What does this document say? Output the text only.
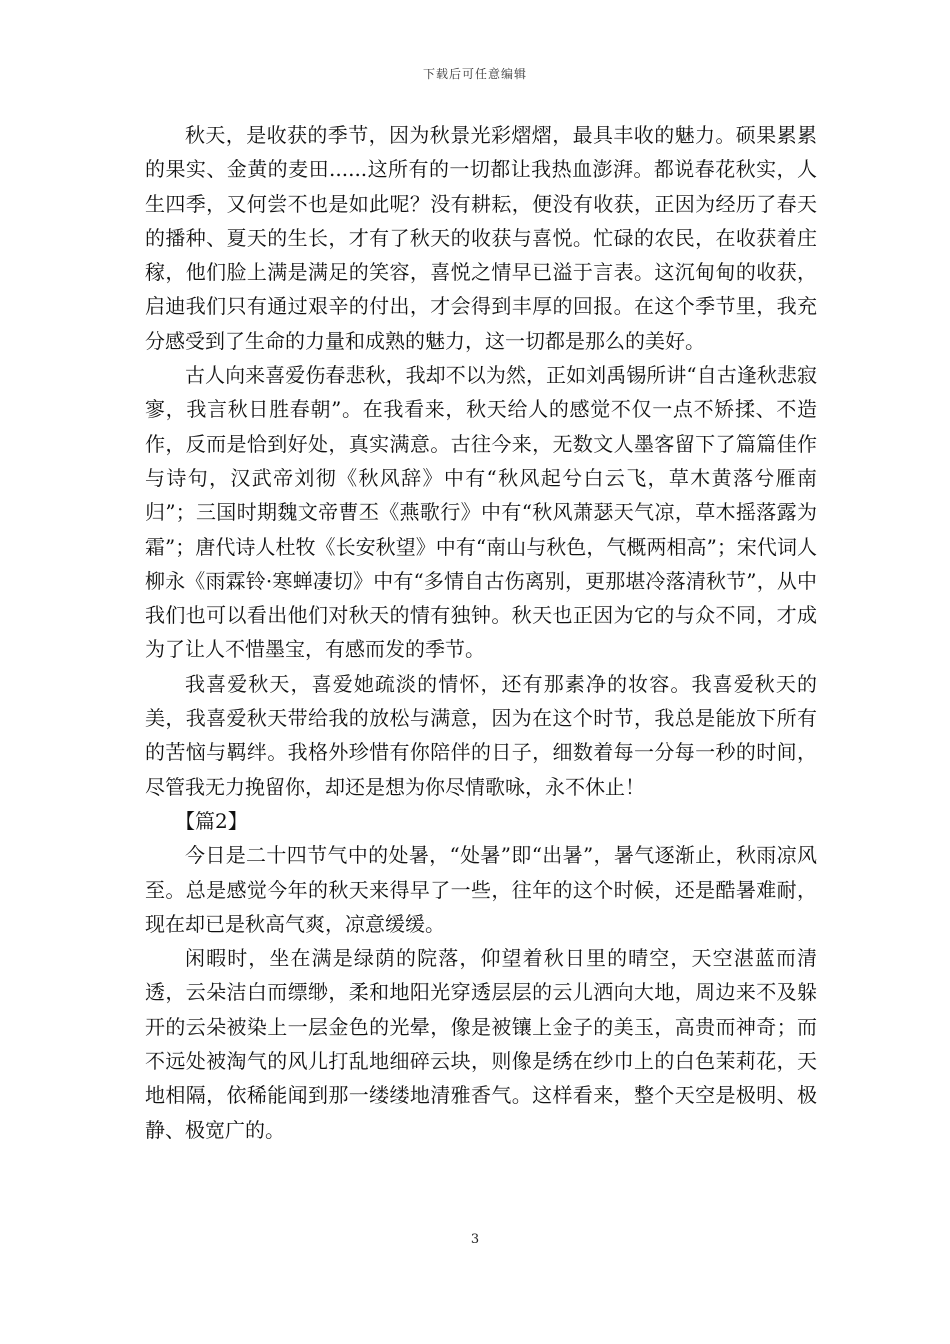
下载后可任意编辑

秋天，是收获的季节，因为秋景光彩熠熠，最具丰收的魅力。硕果累累的果实、金黄的麦田......这所有的一切都让我热血澎湃。都说春花秋实，人生四季，又何尝不也是如此呢？没有耕耘，便没有收获，正因为经历了春天的播种、夏天的生长，才有了秋天的收获与喜悦。忙碌的农民，在收获着庄稼，他们脸上满是满足的笑容，喜悦之情早已溢于言表。这沉甸甸的收获，启迪我们只有通过艰辛的付出，才会得到丰厚的回报。在这个季节里，我充分感受到了生命的力量和成熟的魅力，这一切都是那么的美好。

古人向来喜爱伤春悲秋，我却不以为然，正如刘禹锡所讲“自古逢秋悲寂寥，我言秋日胜春朝”。在我看来，秋天给人的感觉不仅一点不矫揉、不造作，反而是恰到好处，真实满意。古往今来，无数文人墨客留下了篇篇佳作与诗句，汉武帝刘彻《秋风辞》中有“秋风起兮白云飞，草木黄落兮雁南归”；三国时期魏文帝曹丕《燕歌行》中有“秋风萧瑟天气凉，草木摇落露为霜”；唐代诗人杜牧《长安秋望》中有“南山与秋色，气概两相高”；宋代词人柳永《雨霖铃·寒蝉凄切》中有“多情自古伤离别，更那堪冷落清秋节”，从中我们也可以看出他们对秋天的情有独钟。秋天也正因为它的与众不同，才成为了让人不惜墨宝，有感而发的季节。

我喜爱秋天，喜爱她疏淡的情怀，还有那素净的妆容。我喜爱秋天的美，我喜爱秋天带给我的放松与满意，因为在这个时节，我总是能放下所有的苦恼与羁绊。我格外珍惜有你陪伴的日子，细数着每一分每一秒的时间，尽管我无力挽留你，却还是想为你尽情歌咏，永不休止！

【篇2】

今日是二十四节气中的处暑，“处暑”即“出暑”，暑气逐渐止，秋雨凉风至。总是感觉今年的秋天来得早了一些，往年的这个时候，还是酷暑难耐，现在却已是秋高气爽，凉意缓缓。

闲暇时，坐在满是绿荫的院落，仰望着秋日里的晴空，天空湛蓝而清透，云朵洁白而缥缈，柔和地阳光穿透层层的云儿洒向大地，周边来不及躲开的云朵被染上一层金色的光晕，像是被镶上金子的美玉，高贵而神奇；而不远处被淘气的风儿打乱地细碎云块，则像是绣在纱巾上的白色茉莉花，天地相隔，依稀能闻到那一缕缕地清雅香气。这样看来，整个天空是极明、极静、极宽广的。

3
